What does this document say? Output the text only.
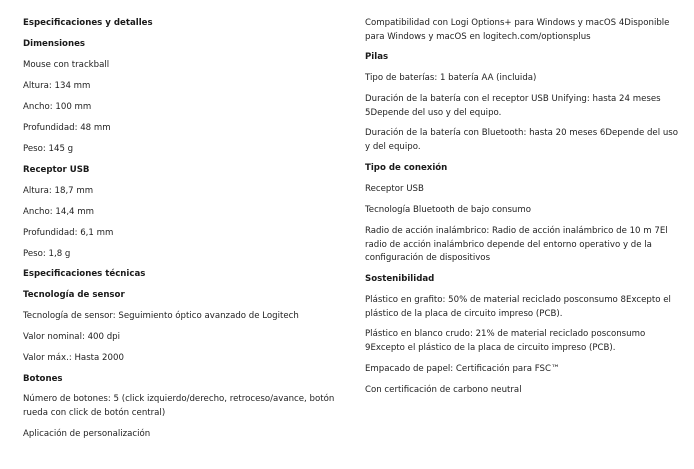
Especificaciones y detalles
Dimensiones
Mouse con trackball
Altura: 134 mm
Ancho: 100 mm
Profundidad: 48 mm
Peso: 145 g
Receptor USB
Altura: 18,7 mm
Ancho: 14,4 mm
Profundidad: 6,1 mm
Peso: 1,8 g
Especificaciones técnicas
Tecnología de sensor
Tecnología de sensor: Seguimiento óptico avanzado de Logitech
Valor nominal: 400 dpi
Valor máx.: Hasta 2000
Botones
Número de botones: 5 (click izquierdo/derecho, retroceso/avance, botón rueda con click de botón central)
Aplicación de personalización
Compatibilidad con Logi Options+ para Windows y macOS 4Disponible para Windows y macOS en logitech.com/optionsplus
Pilas
Tipo de baterías: 1 batería AA (incluida)
Duración de la batería con el receptor USB Unifying: hasta 24 meses 5Depende del uso y del equipo.
Duración de la batería con Bluetooth: hasta 20 meses 6Depende del uso y del equipo.
Tipo de conexión
Receptor USB
Tecnología Bluetooth de bajo consumo
Radio de acción inalámbrico: Radio de acción inalámbrico de 10 m 7El radio de acción inalámbrico depende del entorno operativo y de la configuración de dispositivos
Sostenibilidad
Plástico en grafito: 50% de material reciclado posconsumo 8Excepto el plástico de la placa de circuito impreso (PCB).
Plástico en blanco crudo: 21% de material reciclado posconsumo 9Excepto el plástico de la placa de circuito impreso (PCB).
Empacado de papel: Certificación para FSC™
Con certificación de carbono neutral
